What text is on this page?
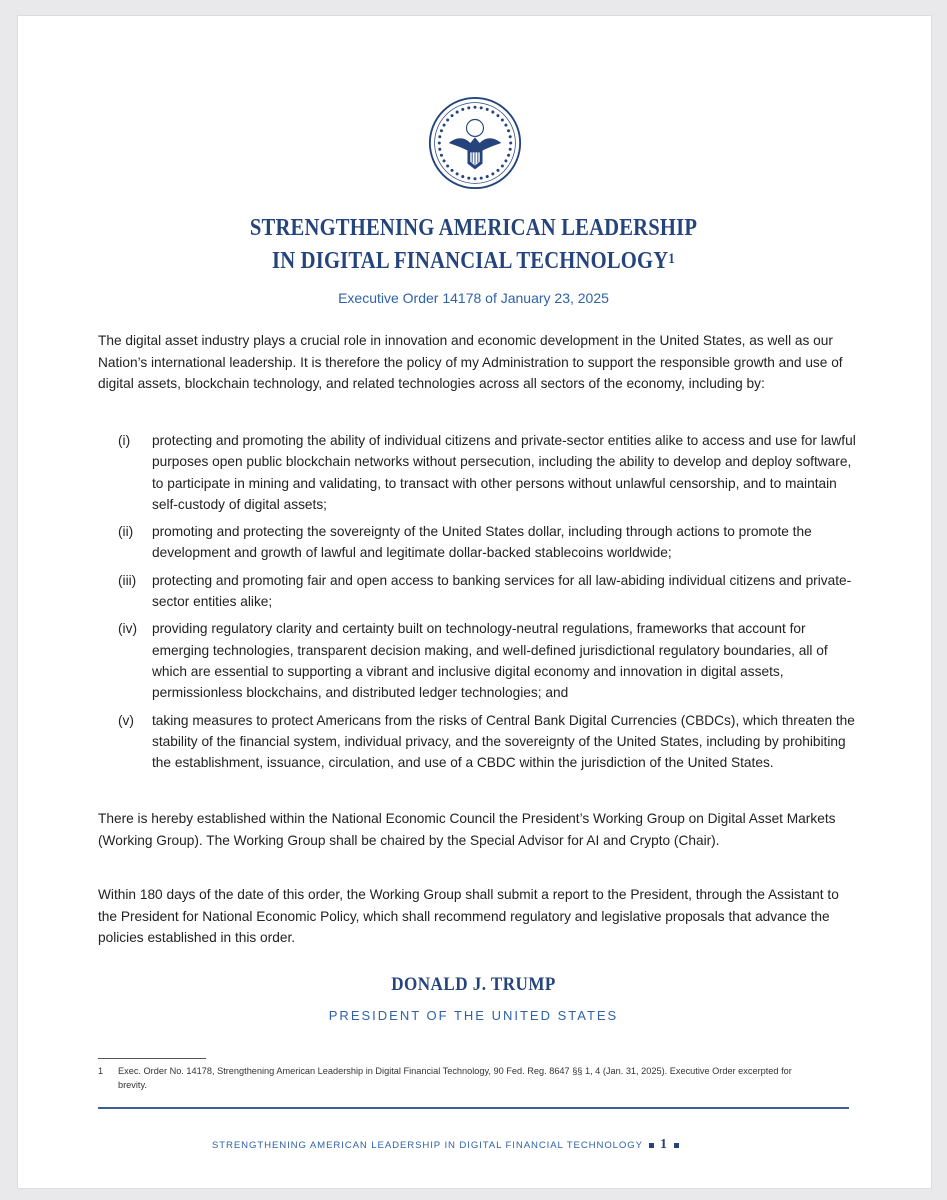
STRENGTHENING AMERICAN LEADERSHIP
IN DIGITAL FINANCIAL TECHNOLOGY$^1$
Executive Order 14178 of January 23, 2025
The digital asset industry plays a crucial role in innovation and economic development in the United States, as well as our Nation’s international leadership. It is therefore the policy of my Administration to support the responsible growth and use of digital assets, blockchain technology, and related technologies across all sectors of the economy, including by:
(i)	protecting and promoting the ability of individual citizens and private-sector entities alike to access and use for lawful purposes open public blockchain networks without persecution, including the ability to develop and deploy software, to participate in mining and validating, to transact with other persons without unlawful censorship, and to maintain self-custody of digital assets;
(ii)	promoting and protecting the sovereignty of the United States dollar, including through actions to promote the development and growth of lawful and legitimate dollar-backed stablecoins worldwide;
(iii)	protecting and promoting fair and open access to banking services for all law-abiding individual citizens and private-sector entities alike;
(iv)	providing regulatory clarity and certainty built on technology-neutral regulations, frameworks that account for emerging technologies, transparent decision making, and well-defined jurisdictional regulatory boundaries, all of which are essential to supporting a vibrant and inclusive digital economy and innovation in digital assets, permissionless blockchains, and distributed ledger technologies; and
(v)	taking measures to protect Americans from the risks of Central Bank Digital Currencies (CBDCs), which threaten the stability of the financial system, individual privacy, and the sovereignty of the United States, including by prohibiting the establishment, issuance, circulation, and use of a CBDC within the jurisdiction of the United States.
There is hereby established within the National Economic Council the President’s Working Group on Digital Asset Markets (Working Group). The Working Group shall be chaired by the Special Advisor for AI and Crypto (Chair).
Within 180 days of the date of this order, the Working Group shall submit a report to the President, through the Assistant to the President for National Economic Policy, which shall recommend regulatory and legislative proposals that advance the policies established in this order.
DONALD J. TRUMP
PRESIDENT OF THE UNITED STATES
1	Exec. Order No. 14178, Strengthening American Leadership in Digital Financial Technology, 90 Fed. Reg. 8647 §§ 1, 4 (Jan. 31, 2025). Executive Order excerpted for brevity.
STRENGTHENING AMERICAN LEADERSHIP IN DIGITAL FINANCIAL TECHNOLOGY 1
